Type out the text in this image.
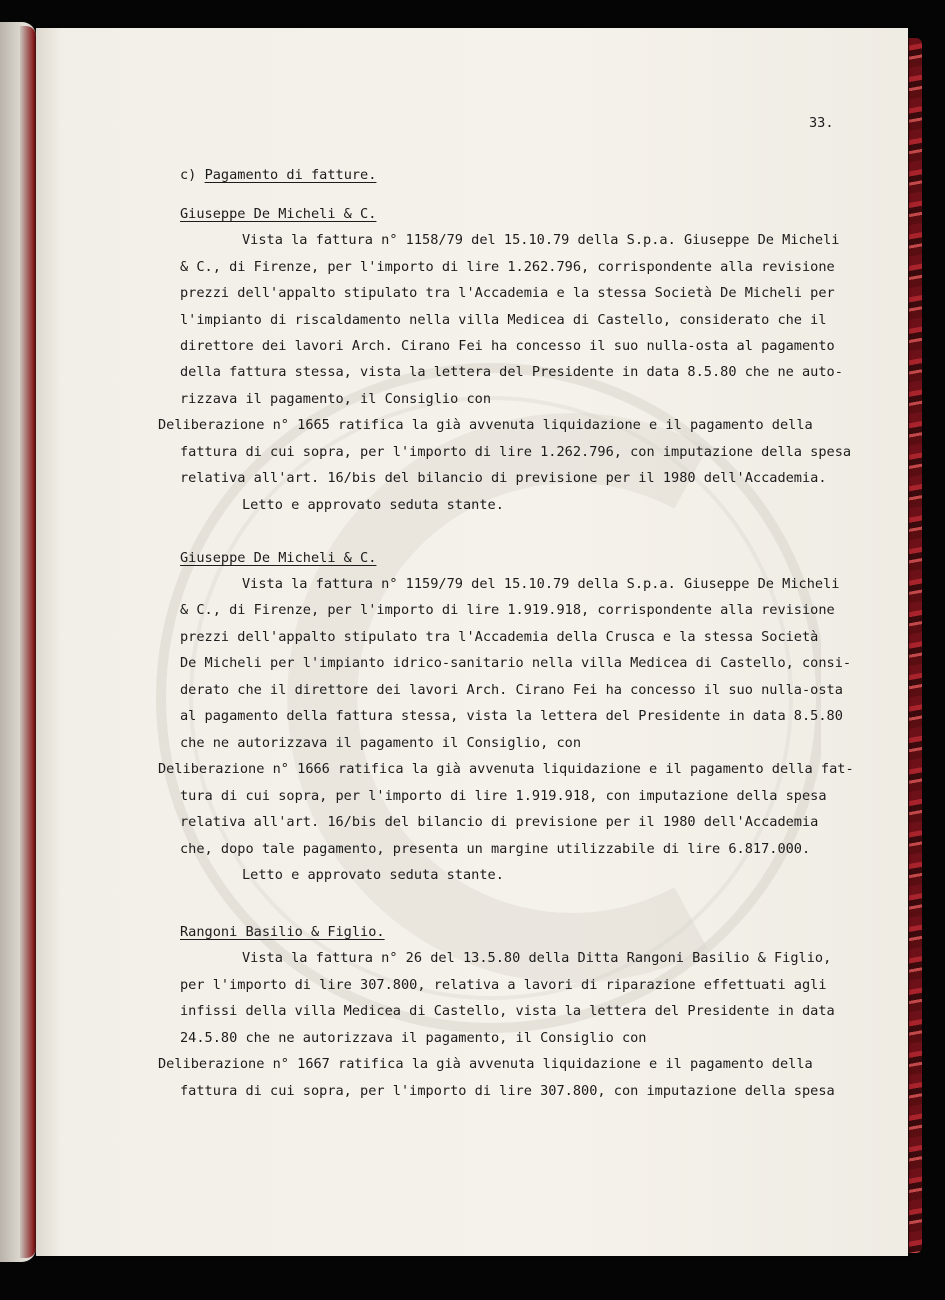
33.
c) Pagamento di fatture.
Giuseppe De Micheli & C.
Vista la fattura n° 1158/79 del 15.10.79 della S.p.a. Giuseppe De Micheli
& C., di Firenze, per l'importo di lire 1.262.796, corrispondente alla revisione
prezzi dell'appalto stipulato tra l'Accademia e la stessa Società De Micheli per
l'impianto di riscaldamento nella villa Medicea di Castello, considerato che il
direttore dei lavori Arch. Cirano Fei ha concesso il suo nulla-osta al pagamento
della fattura stessa, vista la lettera del Presidente in data 8.5.80 che ne auto-
rizzava il pagamento, il Consiglio con
Deliberazione n° 1665 ratifica la già avvenuta liquidazione e il pagamento della
fattura di cui sopra, per l'importo di lire 1.262.796, con imputazione della spesa
relativa all'art. 16/bis del bilancio di previsione per il 1980 dell'Accademia.
Letto e approvato seduta stante.
Giuseppe De Micheli & C.
Vista la fattura n° 1159/79 del 15.10.79 della S.p.a. Giuseppe De Micheli
& C., di Firenze, per l'importo di lire 1.919.918, corrispondente alla revisione
prezzi dell'appalto stipulato tra l'Accademia della Crusca e la stessa Società
De Micheli per l'impianto idrico-sanitario nella villa Medicea di Castello, consi-
derato che il direttore dei lavori Arch. Cirano Fei ha concesso il suo nulla-osta
al pagamento della fattura stessa, vista la lettera del Presidente in data 8.5.80
che ne autorizzava il pagamento il Consiglio, con
Deliberazione n° 1666 ratifica la già avvenuta liquidazione e il pagamento della fat-
tura di cui sopra, per l'importo di lire 1.919.918, con imputazione della spesa
relativa all'art. 16/bis del bilancio di previsione per il 1980 dell'Accademia
che, dopo tale pagamento, presenta un margine utilizzabile di lire 6.817.000.
Letto e approvato seduta stante.
Rangoni Basilio & Figlio.
Vista la fattura n° 26 del 13.5.80 della Ditta Rangoni Basilio & Figlio,
per l'importo di lire 307.800, relativa a lavori di riparazione effettuati agli
infissi della villa Medicea di Castello, vista la lettera del Presidente in data
24.5.80 che ne autorizzava il pagamento, il Consiglio con
Deliberazione n° 1667 ratifica la già avvenuta liquidazione e il pagamento della
fattura di cui sopra, per l'importo di lire 307.800, con imputazione della spesa
